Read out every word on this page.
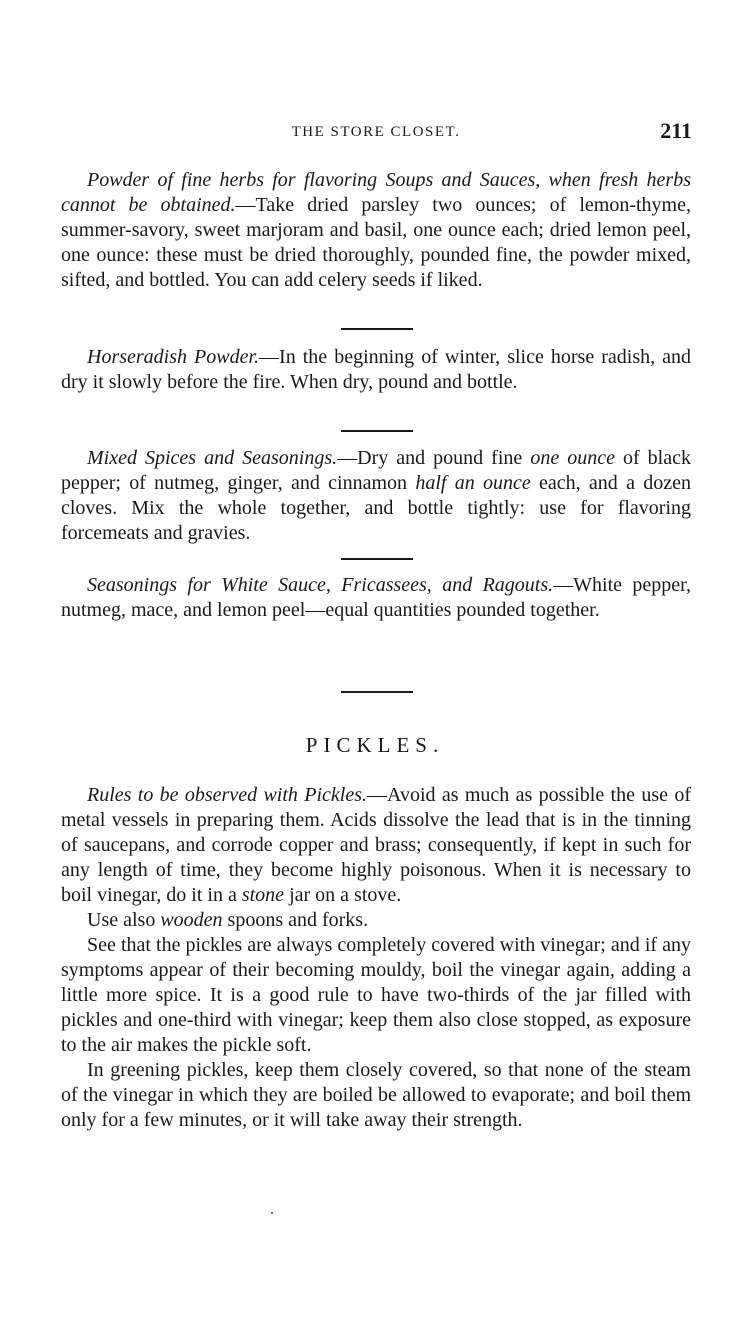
THE STORE CLOSET.	211

Powder of fine herbs for flavoring Soups and Sauces, when fresh herbs cannot be obtained.—Take dried parsley two ounces; of lemon-thyme, summer-savory, sweet marjoram and basil, one ounce each; dried lemon peel, one ounce: these must be dried thoroughly, pounded fine, the powder mixed, sifted, and bottled. You can add celery seeds if liked.

Horseradish Powder.—In the beginning of winter, slice horse radish, and dry it slowly before the fire. When dry, pound and bottle.

Mixed Spices and Seasonings.—Dry and pound fine one ounce of black pepper; of nutmeg, ginger, and cinnamon half an ounce each, and a dozen cloves. Mix the whole together, and bottle tightly: use for flavoring forcemeats and gravies.

Seasonings for White Sauce, Fricassees, and Ragouts.—White pepper, nutmeg, mace, and lemon peel—equal quantities pounded together.

PICKLES.

Rules to be observed with Pickles.—Avoid as much as possible the use of metal vessels in preparing them. Acids dissolve the lead that is in the tinning of saucepans, and corrode copper and brass; consequently, if kept in such for any length of time, they become highly poisonous. When it is necessary to boil vinegar, do it in a stone jar on a stove.

Use also wooden spoons and forks.

See that the pickles are always completely covered with vinegar; and if any symptoms appear of their becoming mouldy, boil the vinegar again, adding a little more spice. It is a good rule to have two-thirds of the jar filled with pickles and one-third with vinegar; keep them also close stopped, as exposure to the air makes the pickle soft.

In greening pickles, keep them closely covered, so that none of the steam of the vinegar in which they are boiled be allowed to evaporate; and boil them only for a few minutes, or it will take away their strength.
